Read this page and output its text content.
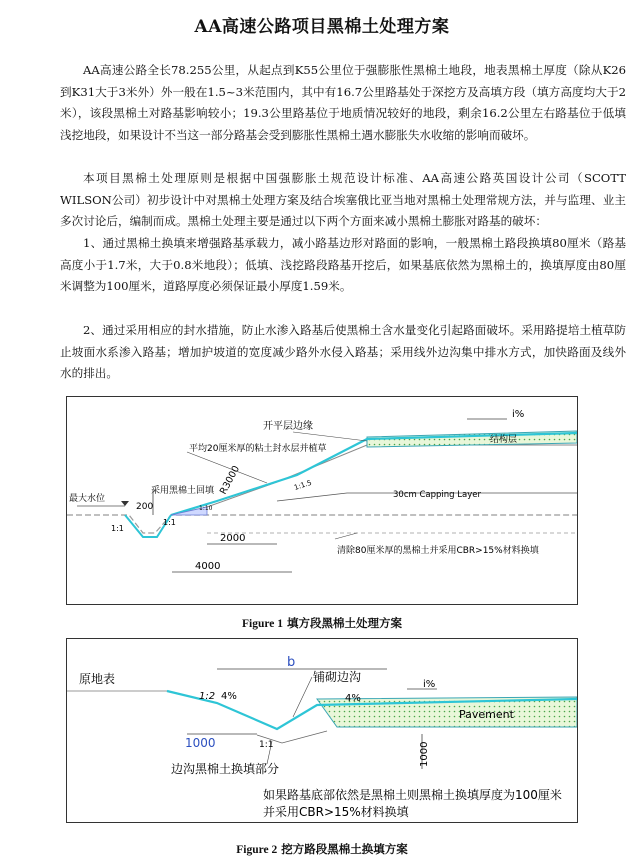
AA高速公路项目黑棉土处理方案

AA高速公路全长78.255公里，从起点到K55公里位于强膨胀性黑棉土地段，地表黑棉土厚度（除从K26到K31大于3米外）外一般在1.5~3米范围内，其中有16.7公里路基处于深挖方及高填方段（填方高度均大于2米），该段黑棉土对路基影响较小；19.3公里路基位于地质情况较好的地段，剩余16.2公里左右路基位于低填浅挖地段，如果设计不当这一部分路基会受到膨胀性黑棉土遇水膨胀失水收缩的影响而破坏。

本项目黑棉土处理原则是根据中国强膨胀土规范设计标准、AA高速公路英国设计公司（SCOTT WILSON公司）初步设计中对黑棉土处理方案及结合埃塞俄比亚当地对黑棉土处理常规方法，并与监理、业主多次讨论后，编制而成。黑棉土处理主要是通过以下两个方面来减小黑棉土膨胀对路基的破坏：

1、通过黑棉土换填来增强路基承载力，减小路基边形对路面的影响，一般黑棉土路段换填80厘米（路基高度小于1.7米，大于0.8米地段）；低填、浅挖路段路基开挖后，如果基底依然为黑棉土的，换填厚度由80厘米调整为100厘米，道路厚度必须保证最小厚度1.59米。

2、通过采用相应的封水措施，防止水渗入路基后使黑棉土含水量变化引起路面破坏。采用路提培土植草防止坡面水系渗入路基；增加护坡道的宽度减少路外水侵入路基；采用线外边沟集中排水方式，加快路面及线外水的排出。

开平层边缘
i%
结构层
平均20厘米厚的粘土封水层并植草
R3000	1:1.5
30cm Capping Layer
最大水位
采用黑棉土回填
200
1:1
1:1
1:10
2000
4000
清除80厘米厚的黑棉土并采用CBR>15%材料换填
Figure 1 填方段黑棉土处理方案
b
铺砌边沟
原地表
1:2 4%	4%
i%
Pavement
1000	1:1
边沟黑棉土换填部分
1000
如果路基底部依然是黑棉土则黑棉土换填厚度为100厘米
并采用CBR>15%材料换填
Figure 2 挖方路段黑棉土换填方案
